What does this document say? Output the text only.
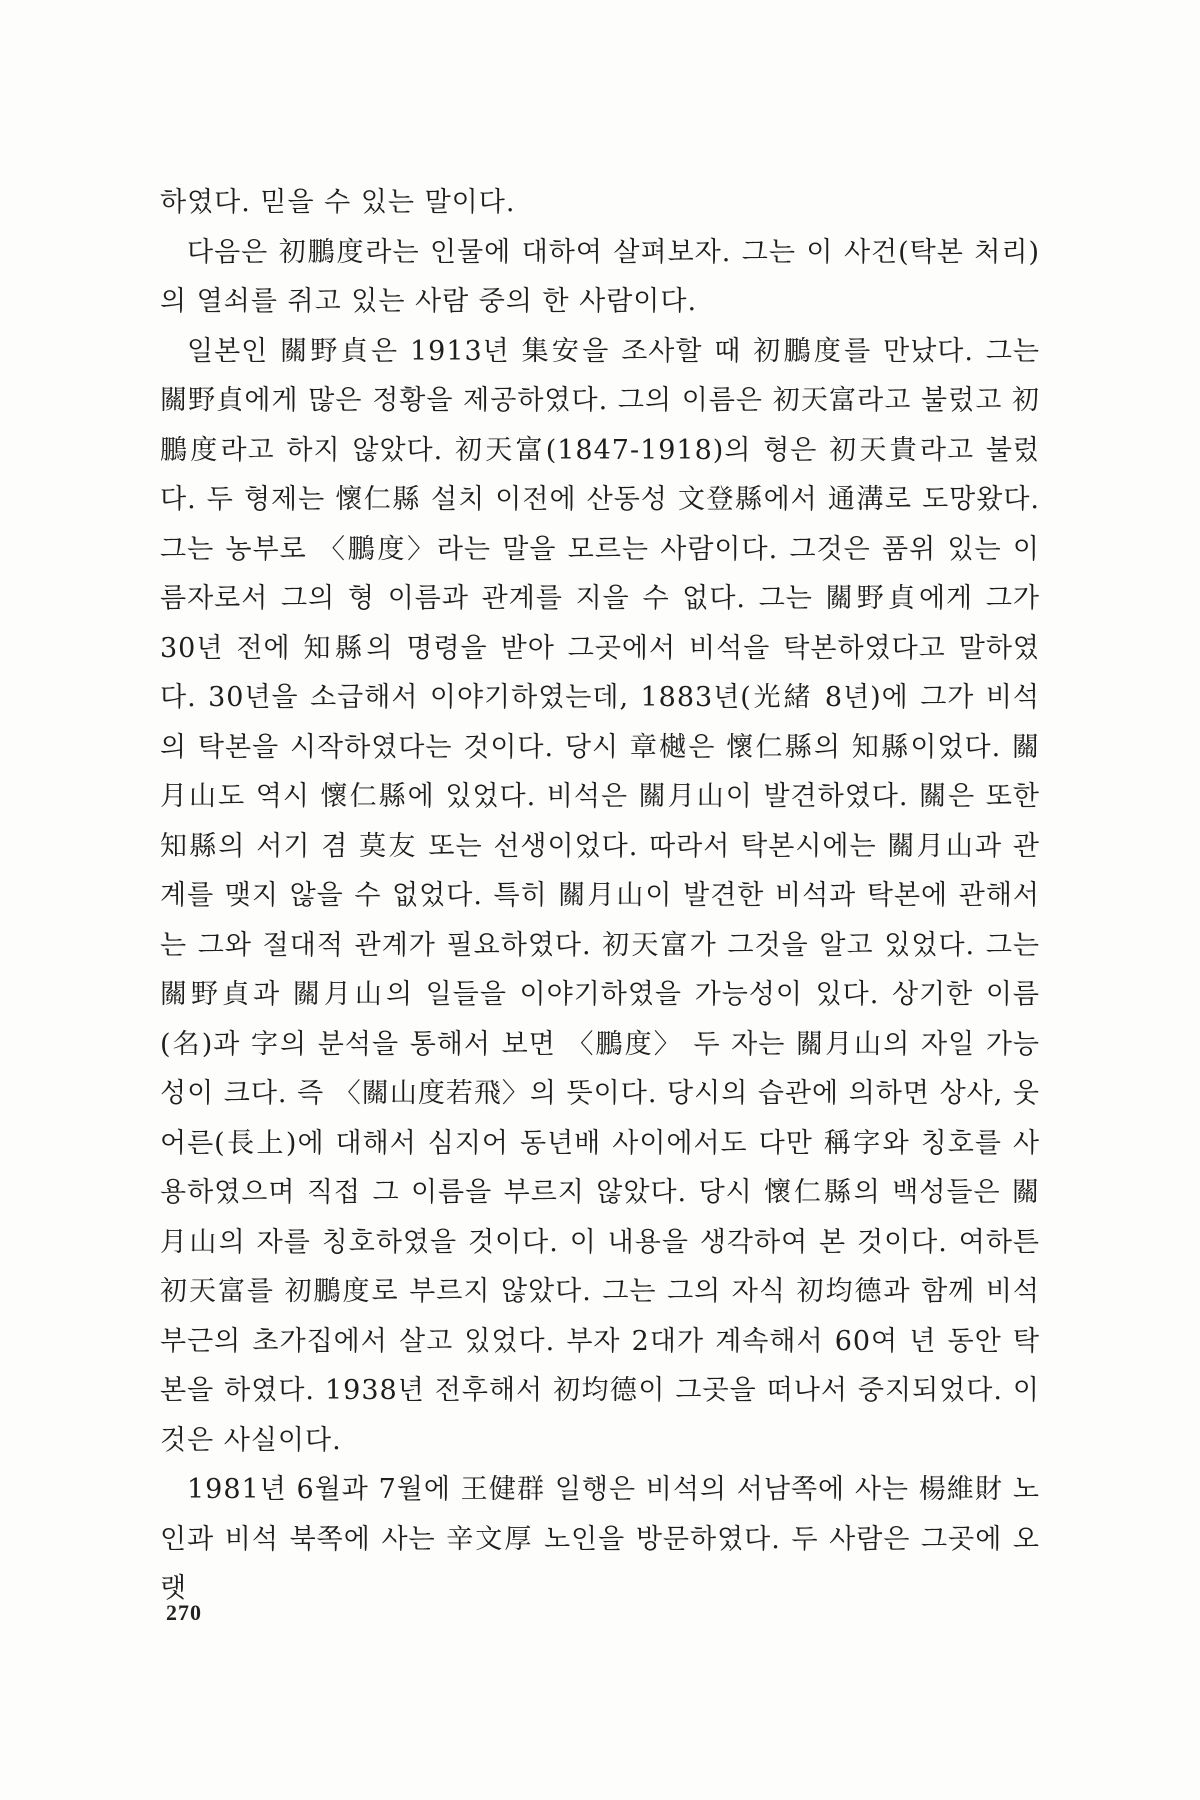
하였다. 믿을 수 있는 말이다.

다음은 初鵬度라는 인물에 대하여 살펴보자. 그는 이 사건(탁본 처리)의 열쇠를 쥐고 있는 사람 중의 한 사람이다.

일본인 關野貞은 1913년 集安을 조사할 때 初鵬度를 만났다. 그는 關野貞에게 많은 정황을 제공하였다. 그의 이름은 初天富라고 불렀고 初鵬度라고 하지 않았다. 初天富(1847-1918)의 형은 初天貴라고 불렀다. 두 형제는 懷仁縣 설치 이전에 산동성 文登縣에서 通溝로 도망왔다. 그는 농부로 〈鵬度〉라는 말을 모르는 사람이다. 그것은 품위 있는 이름자로서 그의 형 이름과 관계를 지을 수 없다. 그는 關野貞에게 그가 30년 전에 知縣의 명령을 받아 그곳에서 비석을 탁본하였다고 말하였다. 30년을 소급해서 이야기하였는데, 1883년(光緒 8년)에 그가 비석의 탁본을 시작하였다는 것이다. 당시 章樾은 懷仁縣의 知縣이었다. 關月山도 역시 懷仁縣에 있었다. 비석은 關月山이 발견하였다. 關은 또한 知縣의 서기 겸 莫友 또는 선생이었다. 따라서 탁본시에는 關月山과 관계를 맺지 않을 수 없었다. 특히 關月山이 발견한 비석과 탁본에 관해서는 그와 절대적 관계가 필요하였다. 初天富가 그것을 알고 있었다. 그는 關野貞과 關月山의 일들을 이야기하였을 가능성이 있다. 상기한 이름(名)과 字의 분석을 통해서 보면 〈鵬度〉 두 자는 關月山의 자일 가능성이 크다. 즉 〈關山度若飛〉의 뜻이다. 당시의 습관에 의하면 상사, 웃어른(長上)에 대해서 심지어 동년배 사이에서도 다만 稱字와 칭호를 사용하였으며 직접 그 이름을 부르지 않았다. 당시 懷仁縣의 백성들은 關月山의 자를 칭호하였을 것이다. 이 내용을 생각하여 본 것이다. 여하튼 初天富를 初鵬度로 부르지 않았다. 그는 그의 자식 初均德과 함께 비석 부근의 초가집에서 살고 있었다. 부자 2대가 계속해서 60여 년 동안 탁본을 하였다. 1938년 전후해서 初均德이 그곳을 떠나서 중지되었다. 이것은 사실이다.

1981년 6월과 7월에 王健群 일행은 비석의 서남쪽에 사는 楊維財 노인과 비석 북쪽에 사는 辛文厚 노인을 방문하였다. 두 사람은 그곳에 오랫

270
